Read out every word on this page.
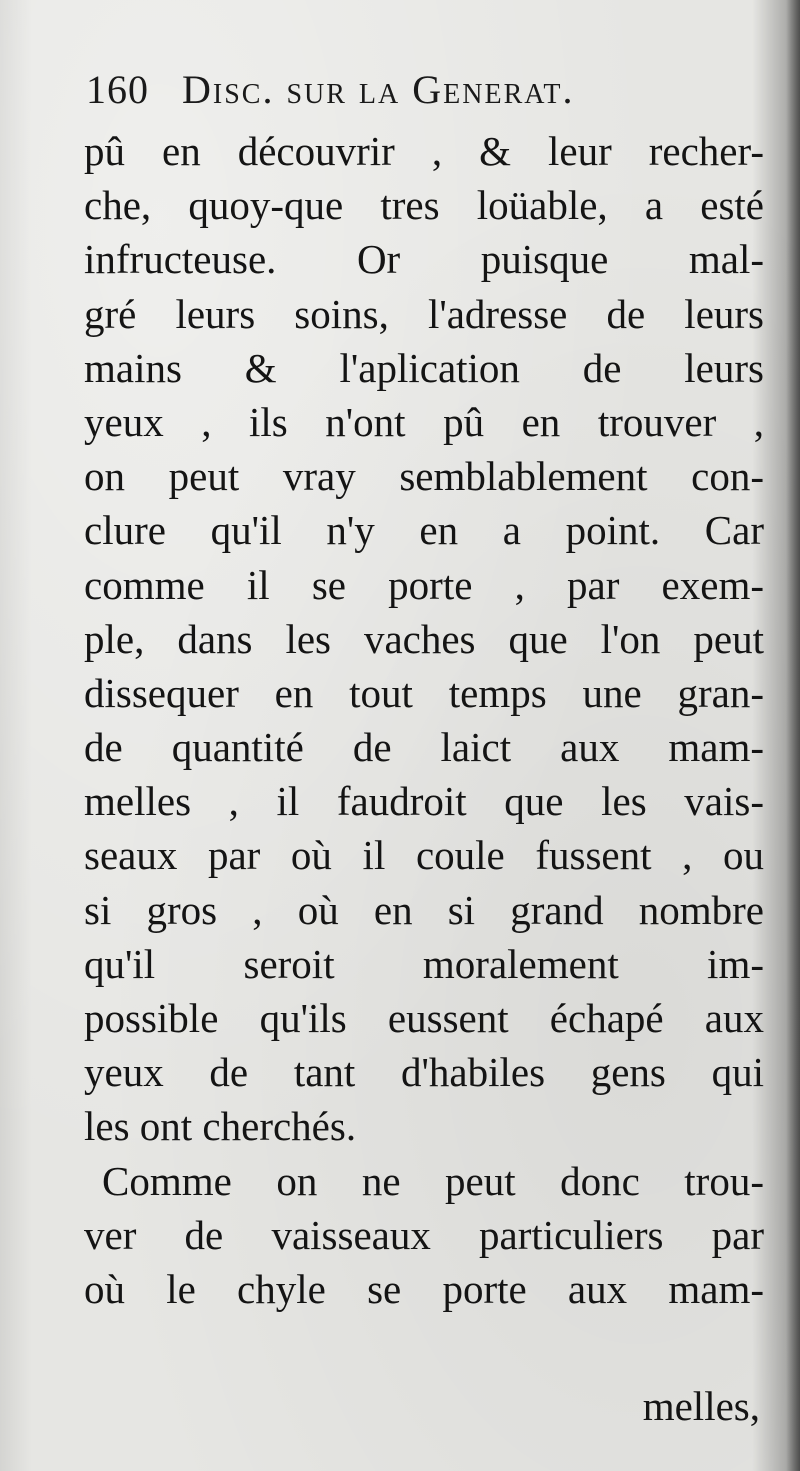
160 Disc. sur la Generat.
pû en découvrir , & leur recher-
che, quoy-que tres loüable, a esté
infructeuse. Or puisque mal-
gré leurs soins, l'adresse de leurs
mains & l'aplication de leurs
yeux , ils n'ont pû en trouver ,
on peut vray semblablement con-
clure qu'il n'y en a point. Car
comme il se porte , par exem-
ple, dans les vaches que l'on peut
dissequer en tout temps une gran-
de quantité de laict aux mam-
melles , il faudroit que les vais-
seaux par où il coule fussent , ou
si gros , où en si grand nombre
qu'il seroit moralement im-
possible qu'ils eussent échapé aux
yeux de tant d'habiles gens qui
les ont cherchés.
Comme on ne peut donc trou-
ver de vaisseaux particuliers par
où le chyle se porte aux mam-
melles,
